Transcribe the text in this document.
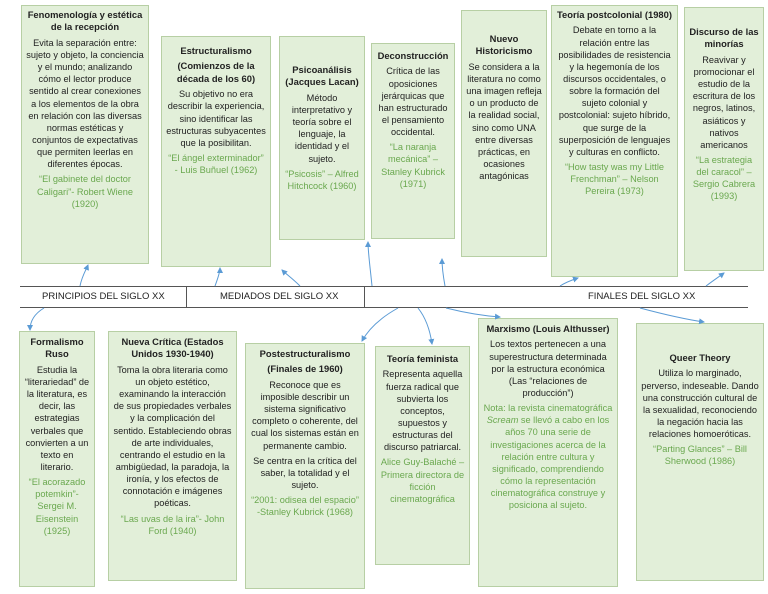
Fenomenología y estética de la recepción
Evita la separación entre: sujeto y objeto, la conciencia y el mundo; analizando cómo el lector produce sentido al crear conexiones a los elementos de la obra en relación con las diversas normas estéticas y conjuntos de expectativas que permiten leerlas en diferentes épocas.
“El gabinete del doctor Caligari”- Robert Wiene (1920)
Estructuralismo
(Comienzos de la década de los 60)
Su objetivo no era describir la experiencia, sino identificar las estructuras subyacentes que la posibilitan.
“El ángel exterminador” - Luis Buñuel (1962)
Psicoanálisis (Jacques Lacan)
Método interpretativo y teoría sobre el lenguaje, la identidad y el sujeto.
“Psicosis” – Alfred Hitchcock (1960)
Deconstrucción
Crítica de las oposiciones jerárquicas que han estructurado el pensamiento occidental.
“La naranja mecánica” – Stanley Kubrick (1971)
Nuevo Historicismo
Se considera a la literatura no como una imagen refleja o un producto de la realidad social, sino como UNA entre diversas prácticas, en ocasiones antagónicas
Teoría postcolonial (1980)
Debate en torno a la relación entre las posibilidades de resistencia y la hegemonía de los discursos occidentales, o sobre la formación del sujeto colonial y postcolonial: sujeto híbrido, que surge de la superposición de lenguajes y culturas en conflicto.
“How tasty was my Little Frenchman” – Nelson Pereira (1973)
Discurso de las minorías
Reavivar y promocionar el estudio de la escritura de los negros, latinos, asiáticos y nativos americanos
“La estrategia del caracol” – Sergio Cabrera (1993)
PRINCIPIOS DEL SIGLO XX	MEDIADOS DEL SIGLO XX	FINALES DEL SIGLO XX
Formalismo Ruso
Estudia la “literariedad” de la literatura, es decir, las estrategias verbales que convierten a un texto en literario.
“El acorazado potemkin”- Sergei M. Eisenstein (1925)
Nueva Crítica (Estados Unidos 1930-1940)
Toma la obra literaria como un objeto estético, examinando la interacción de sus propiedades verbales y la complicación del sentido. Estableciendo obras de arte individuales, centrando el estudio en la ambigüedad, la paradoja, la ironía, y los efectos de connotación e imágenes poéticas.
“Las uvas de la ira”- John Ford (1940)
Postestructuralismo
(Finales de 1960)
Reconoce que es imposible describir un sistema significativo completo o coherente, del cual los sistemas están en permanente cambio.
Se centra en la crítica del saber, la totalidad y el sujeto.
“2001: odisea del espacio” -Stanley Kubrick (1968)
Teoría feminista
Representa aquella fuerza radical que subvierta los conceptos, supuestos y estructuras del discurso patriarcal.
Alice Guy-Balaché – Primera directora de ficción cinematográfica
Marxismo (Louis Althusser)
Los textos pertenecen a una superestructura determinada por la estructura económica (Las “relaciones de producción”)
Nota: la revista cinematográfica Scream se llevó a cabo en los años 70 una serie de investigaciones acerca de la relación entre cultura y significado, comprendiendo cómo la representación cinematográfica construye y posiciona al sujeto.
Queer Theory
Utiliza lo marginado, perverso, indeseable. Dando una construcción cultural de la sexualidad, reconociendo la negación hacia las relaciones homoeróticas.
“Parting Glances” – Bill Sherwood (1986)
